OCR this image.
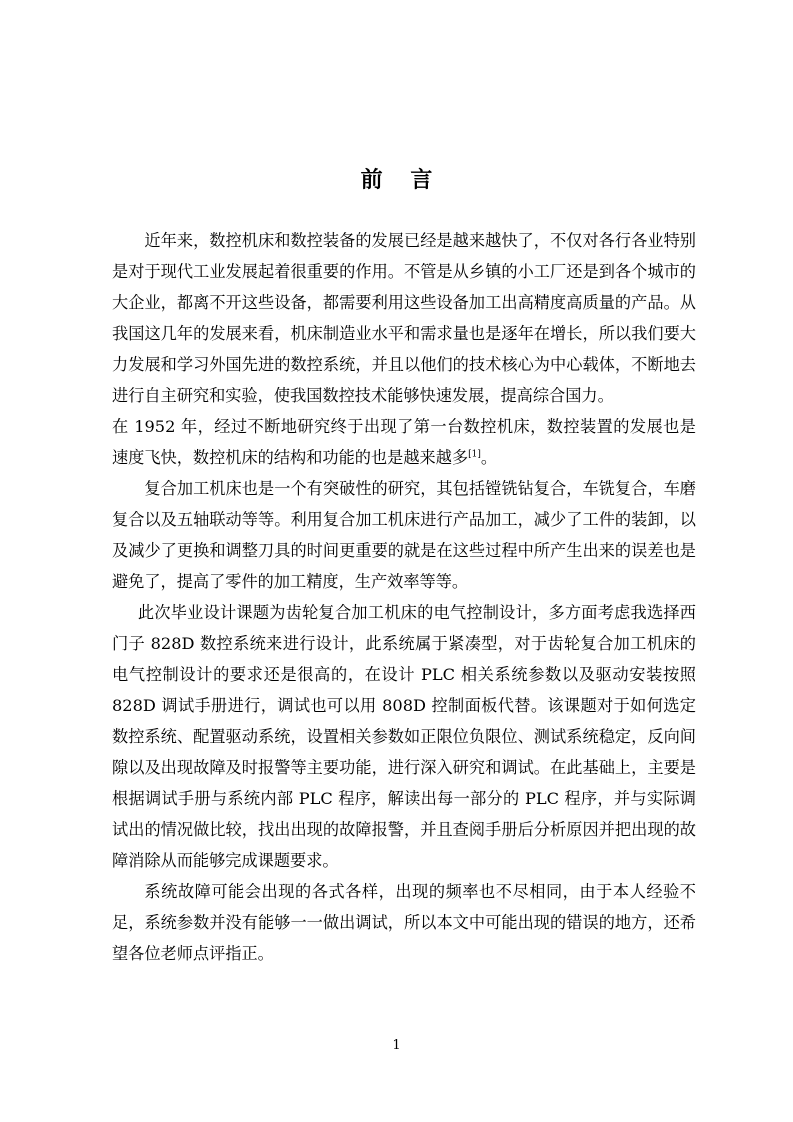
前 言

近年来，数控机床和数控装备的发展已经是越来越快了，不仅对各行各业特别是对于现代工业发展起着很重要的作用。不管是从乡镇的小工厂还是到各个城市的大企业，都离不开这些设备，都需要利用这些设备加工出高精度高质量的产品。从我国这几年的发展来看，机床制造业水平和需求量也是逐年在增长，所以我们要大力发展和学习外国先进的数控系统，并且以他们的技术核心为中心载体，不断地去进行自主研究和实验，使我国数控技术能够快速发展，提高综合国力。

在 1952 年，经过不断地研究终于出现了第一台数控机床，数控装置的发展也是速度飞快，数控机床的结构和功能的也是越来越多[1]。

复合加工机床也是一个有突破性的研究，其包括镗铣钻复合，车铣复合，车磨复合以及五轴联动等等。利用复合加工机床进行产品加工，减少了工件的装卸，以及减少了更换和调整刀具的时间更重要的就是在这些过程中所产生出来的误差也是避免了，提高了零件的加工精度，生产效率等等。

此次毕业设计课题为齿轮复合加工机床的电气控制设计，多方面考虑我选择西门子 828D 数控系统来进行设计，此系统属于紧凑型，对于齿轮复合加工机床的电气控制设计的要求还是很高的，在设计 PLC 相关系统参数以及驱动安装按照 828D 调试手册进行，调试也可以用 808D 控制面板代替。该课题对于如何选定数控系统、配置驱动系统，设置相关参数如正限位负限位、测试系统稳定，反向间隙以及出现故障及时报警等主要功能，进行深入研究和调试。在此基础上，主要是根据调试手册与系统内部 PLC 程序，解读出每一部分的 PLC 程序，并与实际调试出的情况做比较，找出出现的故障报警，并且查阅手册后分析原因并把出现的故障消除从而能够完成课题要求。

系统故障可能会出现的各式各样，出现的频率也不尽相同，由于本人经验不足，系统参数并没有能够一一做出调试，所以本文中可能出现的错误的地方，还希望各位老师点评指正。

1
